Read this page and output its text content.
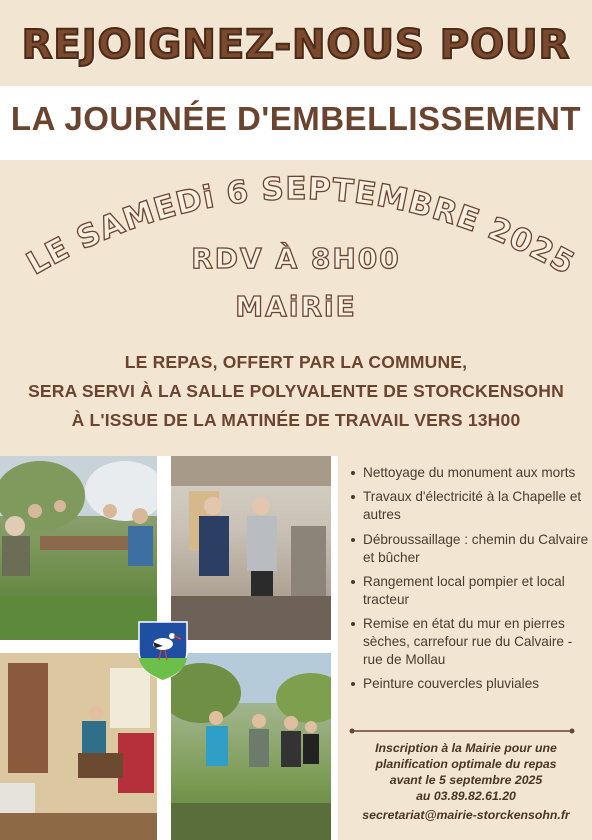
REJOIGNEZ-NOUS POUR
LA JOURNÉE D'EMBELLISSEMENT
LE SAMEDi 6 SEPTEMBRE 2025
RDV À 8H00
MAiRiE
LE REPAS, OFFERT PAR LA COMMUNE,
SERA SERVI À LA SALLE POLYVALENTE DE STORCKENSOHN
À L'ISSUE DE LA MATINÉE DE TRAVAIL VERS 13H00
Nettoyage du monument aux morts
Travaux d'électricité à la Chapelle et autres
Débroussaillage : chemin du Calvaire et bûcher
Rangement local pompier et local tracteur
Remise en état du mur en pierres sèches, carrefour rue du Calvaire - rue de Mollau
Peinture couvercles pluviales
Inscription à la Mairie pour une
planification optimale du repas
avant le 5 septembre 2025
au 03.89.82.61.20
secretariat@mairie-storckensohn.fr
